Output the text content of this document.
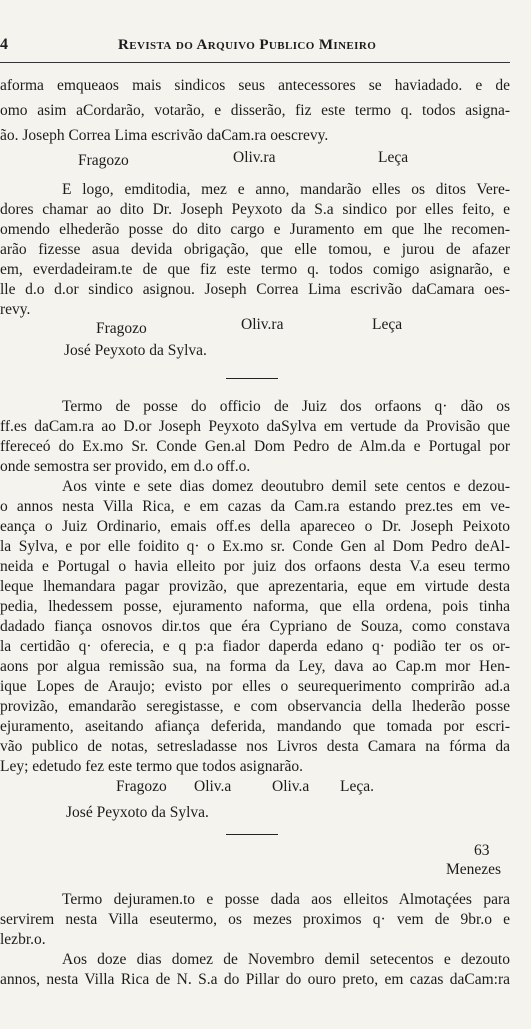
4	Revista do Arquivo Publico Mineiro
aforma emqueaos mais sindicos seus antecessores se haviadado. e de
omo asim aCordarão, votarão, e disserão, fiz este termo q. todos asigna-
ão. Joseph Correa Lima escrivão daCam.ra oescrevy.
Fragozo	Oliv.ra	Leça
E logo, emditodia, mez e anno, mandarão elles os ditos Vere-
dores chamar ao dito Dr. Joseph Peyxoto da S.a sindico por elles feito, e
omendo elhederão posse do dito cargo e Juramento em que lhe recomen-
arão fizesse asua devida obrigação, que elle tomou, e jurou de afazer
em, everdadeiram.te de que fiz este termo q. todos comigo asignarão, e
lle d.o d.or sindico asignou. Joseph Correa Lima escrivão daCamara oes-
revy.
Fragozo	Oliv.ra	Leça
José Peyxoto da Sylva.
Termo de posse do officio de Juiz dos orfaons q· dão os
ff.es daCam.ra ao D.or Joseph Peyxoto daSylva em vertude da Provisão que
ffereceó do Ex.mo Sr. Conde Gen.al Dom Pedro de Alm.da e Portugal por
onde semostra ser provido, em d.o off.o.
Aos vinte e sete dias domez deoutubro demil sete centos e dezou-
o annos nesta Villa Rica, e em cazas da Cam.ra estando prez.tes em ve-
eança o Juiz Ordinario, emais off.es della apareceo o Dr. Joseph Peixoto
la Sylva, e por elle foidito q· o Ex.mo sr. Conde Gen al Dom Pedro deAl-
neida e Portugal o havia elleito por juiz dos orfaons desta V.a eseu termo
leque lhemandara pagar provizão, que aprezentaria, eque em virtude desta
pedia, lhedessem posse, ejuramento naforma, que ella ordena, pois tinha
dadado fiança osnovos dir.tos que éra Cypriano de Souza, como constava
la certidão q· oferecia, e q p:a fiador daperda edano q· podião ter os or-
aons por algua remissão sua, na forma da Ley, dava ao Cap.m mor Hen-
ique Lopes de Araujo; evisto por elles o seurequerimento comprirão ad.a
provizão, emandarão seregistasse, e com observancia della lhederão posse
ejuramento, aseitando afiança deferida, mandando que tomada por escri-
vão publico de notas, setresladasse nos Livros desta Camara na fórma da
Ley; edetudo fez este termo que todos asignarão.
Fragozo Oliv.a	Oliv.a Leça.
José Peyxoto da Sylva.
63
Menezes
Termo dejuramen.to e posse dada aos elleitos Almotaçées para
servirem nesta Villa eseutermo, os mezes proximos q· vem de 9br.o e
lezbr.o.
Aos doze dias domez de Novembro demil setecentos e dezouto
annos, nesta Villa Rica de N. S.a do Pillar do ouro preto, em cazas daCam:ra
